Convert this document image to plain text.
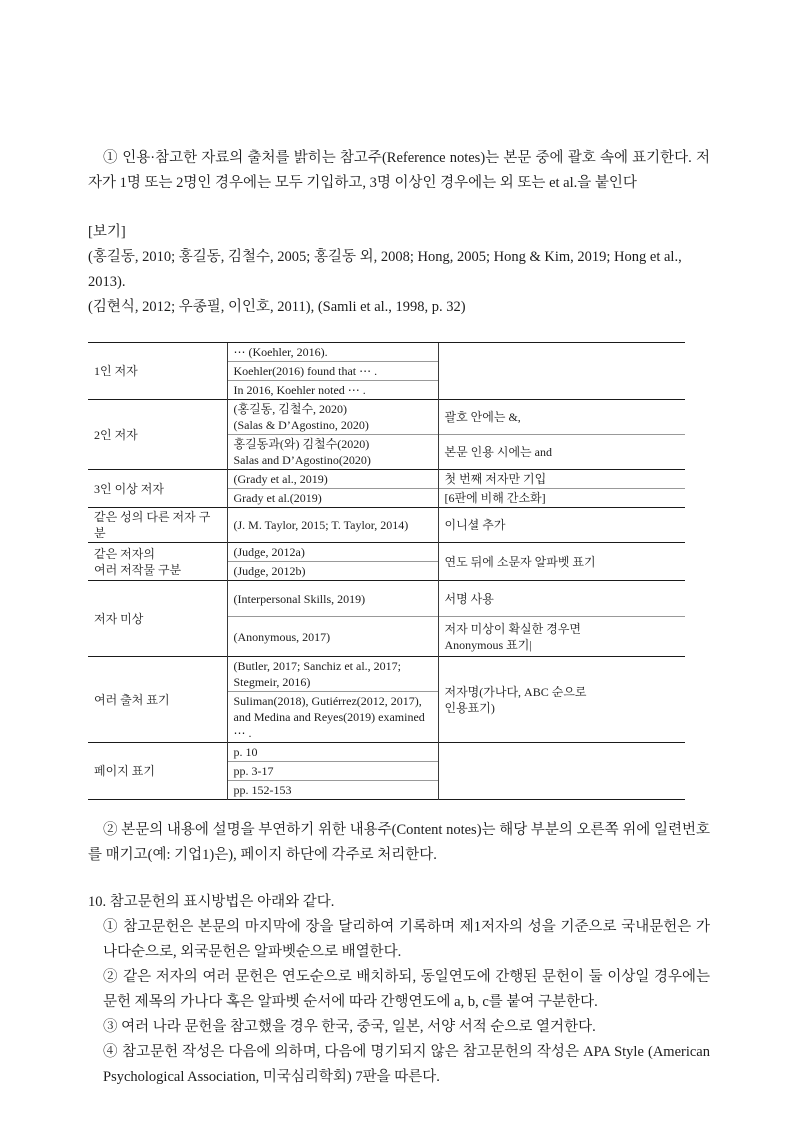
① 인용·참고한 자료의 출처를 밝히는 참고주(Reference notes)는 본문 중에 괄호 속에 표기한다. 저자가 1명 또는 2명인 경우에는 모두 기입하고, 3명 이상인 경우에는 외 또는 et al.을 붙인다

[보기]

(홍길동, 2010; 홍길동, 김철수, 2005; 홍길동 외, 2008; Hong, 2005; Hong & Kim, 2019; Hong et al., 2013).

(김현식, 2012; 우종필, 이인호, 2011), (Samli et al., 1998, p. 32)

1인 저자	⋯ (Koehler, 2016).	
	Koehler(2016) found that ⋯ .	
	In 2016, Koehler noted ⋯ .	
2인 저자	(홍길동, 김철수, 2020)
(Salas & D’Agostino, 2020)	괄호 안에는 &,

	홍길동과(와) 김철수(2020)
Salas and D’Agostino(2020)	본문 인용 시에는 and
3인 이상 저자	(Grady et al., 2019)	첫 번째 저자만 기입
	Grady et al.(2019)	[6판에 비해 간소화]
같은 성의 다른 저자 구분	(J. M. Taylor, 2015; T. Taylor, 2014)	이니셜 추가

같은 저자의
여러 저작물 구분	(Judge, 2012a)	연도 뒤에 소문자 알파벳 표기
	(Judge, 2012b)	
저자 미상	(Interpersonal Skills, 2019)	서명 사용
	(Anonymous, 2017)	저자 미상이 확실한 경우면
Anonymous 표기|

여러 출처 표기	(Butler, 2017; Sanchiz et al., 2017; Stegmeir, 2016)	저자명(가나다, ABC 순으로
인용표기)

	Suliman(2018), Gutiérrez(2012, 2017), and Medina and Reyes(2019) examined ⋯ .	
페이지 표기	p. 10	
	pp. 3-17	
	pp. 152-153	

② 본문의 내용에 설명을 부연하기 위한 내용주(Content notes)는 해당 부분의 오른쪽 위에 일련번호를 매기고(예: 기업1)은), 페이지 하단에 각주로 처리한다.

10. 참고문헌의 표시방법은 아래와 같다.

① 참고문헌은 본문의 마지막에 장을 달리하여 기록하며 제1저자의 성을 기준으로 국내문헌은 가나다순으로, 외국문헌은 알파벳순으로 배열한다.

② 같은 저자의 여러 문헌은 연도순으로 배치하되, 동일연도에 간행된 문헌이 둘 이상일 경우에는 문헌 제목의 가나다 혹은 알파벳 순서에 따라 간행연도에 a, b, c를 붙여 구분한다.

③ 여러 나라 문헌을 참고했을 경우 한국, 중국, 일본, 서양 서적 순으로 열거한다.

④ 참고문헌 작성은 다음에 의하며, 다음에 명기되지 않은 참고문헌의 작성은 APA Style (American Psychological Association, 미국심리학회) 7판을 따른다.
